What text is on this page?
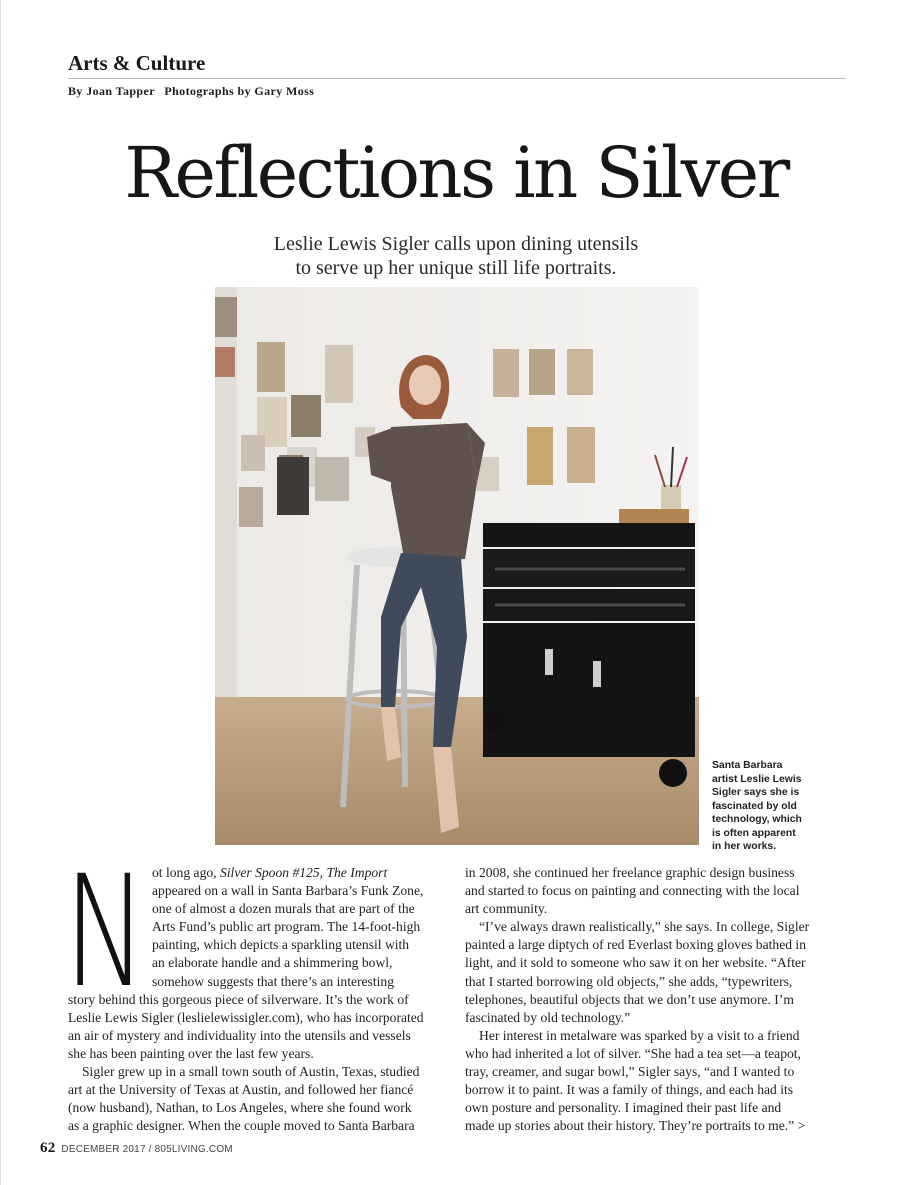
Arts & Culture
By Joan Tapper Photographs by Gary Moss
Reflections in Silver
Leslie Lewis Sigler calls upon dining utensils
to serve up her unique still life portraits.
Santa Barbara
artist Leslie Lewis
Sigler says she is
fascinated by old
technology, which
is often apparent
in her works.
N ot long ago, Silver Spoon #125, The Import
appeared on a wall in Santa Barbara’s Funk Zone,
one of almost a dozen murals that are part of the
Arts Fund’s public art program. The 14-foot-high
painting, which depicts a sparkling utensil with
an elaborate handle and a shimmering bowl,
somehow suggests that there’s an interesting
story behind this gorgeous piece of silverware. It’s the work of
Leslie Lewis Sigler (leslielewissigler.com), who has incorporated
an air of mystery and individuality into the utensils and vessels
she has been painting over the last few years.
Sigler grew up in a small town south of Austin, Texas, studied
art at the University of Texas at Austin, and followed her fiancé
(now husband), Nathan, to Los Angeles, where she found work
as a graphic designer. When the couple moved to Santa Barbara
in 2008, she continued her freelance graphic design business
and started to focus on painting and connecting with the local
art community.
“I’ve always drawn realistically,” she says. In college, Sigler
painted a large diptych of red Everlast boxing gloves bathed in
light, and it sold to someone who saw it on her website. “After
that I started borrowing old objects,” she adds, “typewriters,
telephones, beautiful objects that we don’t use anymore. I’m
fascinated by old technology.”
Her interest in metalware was sparked by a visit to a friend
who had inherited a lot of silver. “She had a tea set—a teapot,
tray, creamer, and sugar bowl,” Sigler says, “and I wanted to
borrow it to paint. It was a family of things, and each had its
own posture and personality. I imagined their past life and
made up stories about their history. They’re portraits to me.” >
62 DECEMBER 2017 / 805LIVING.COM
